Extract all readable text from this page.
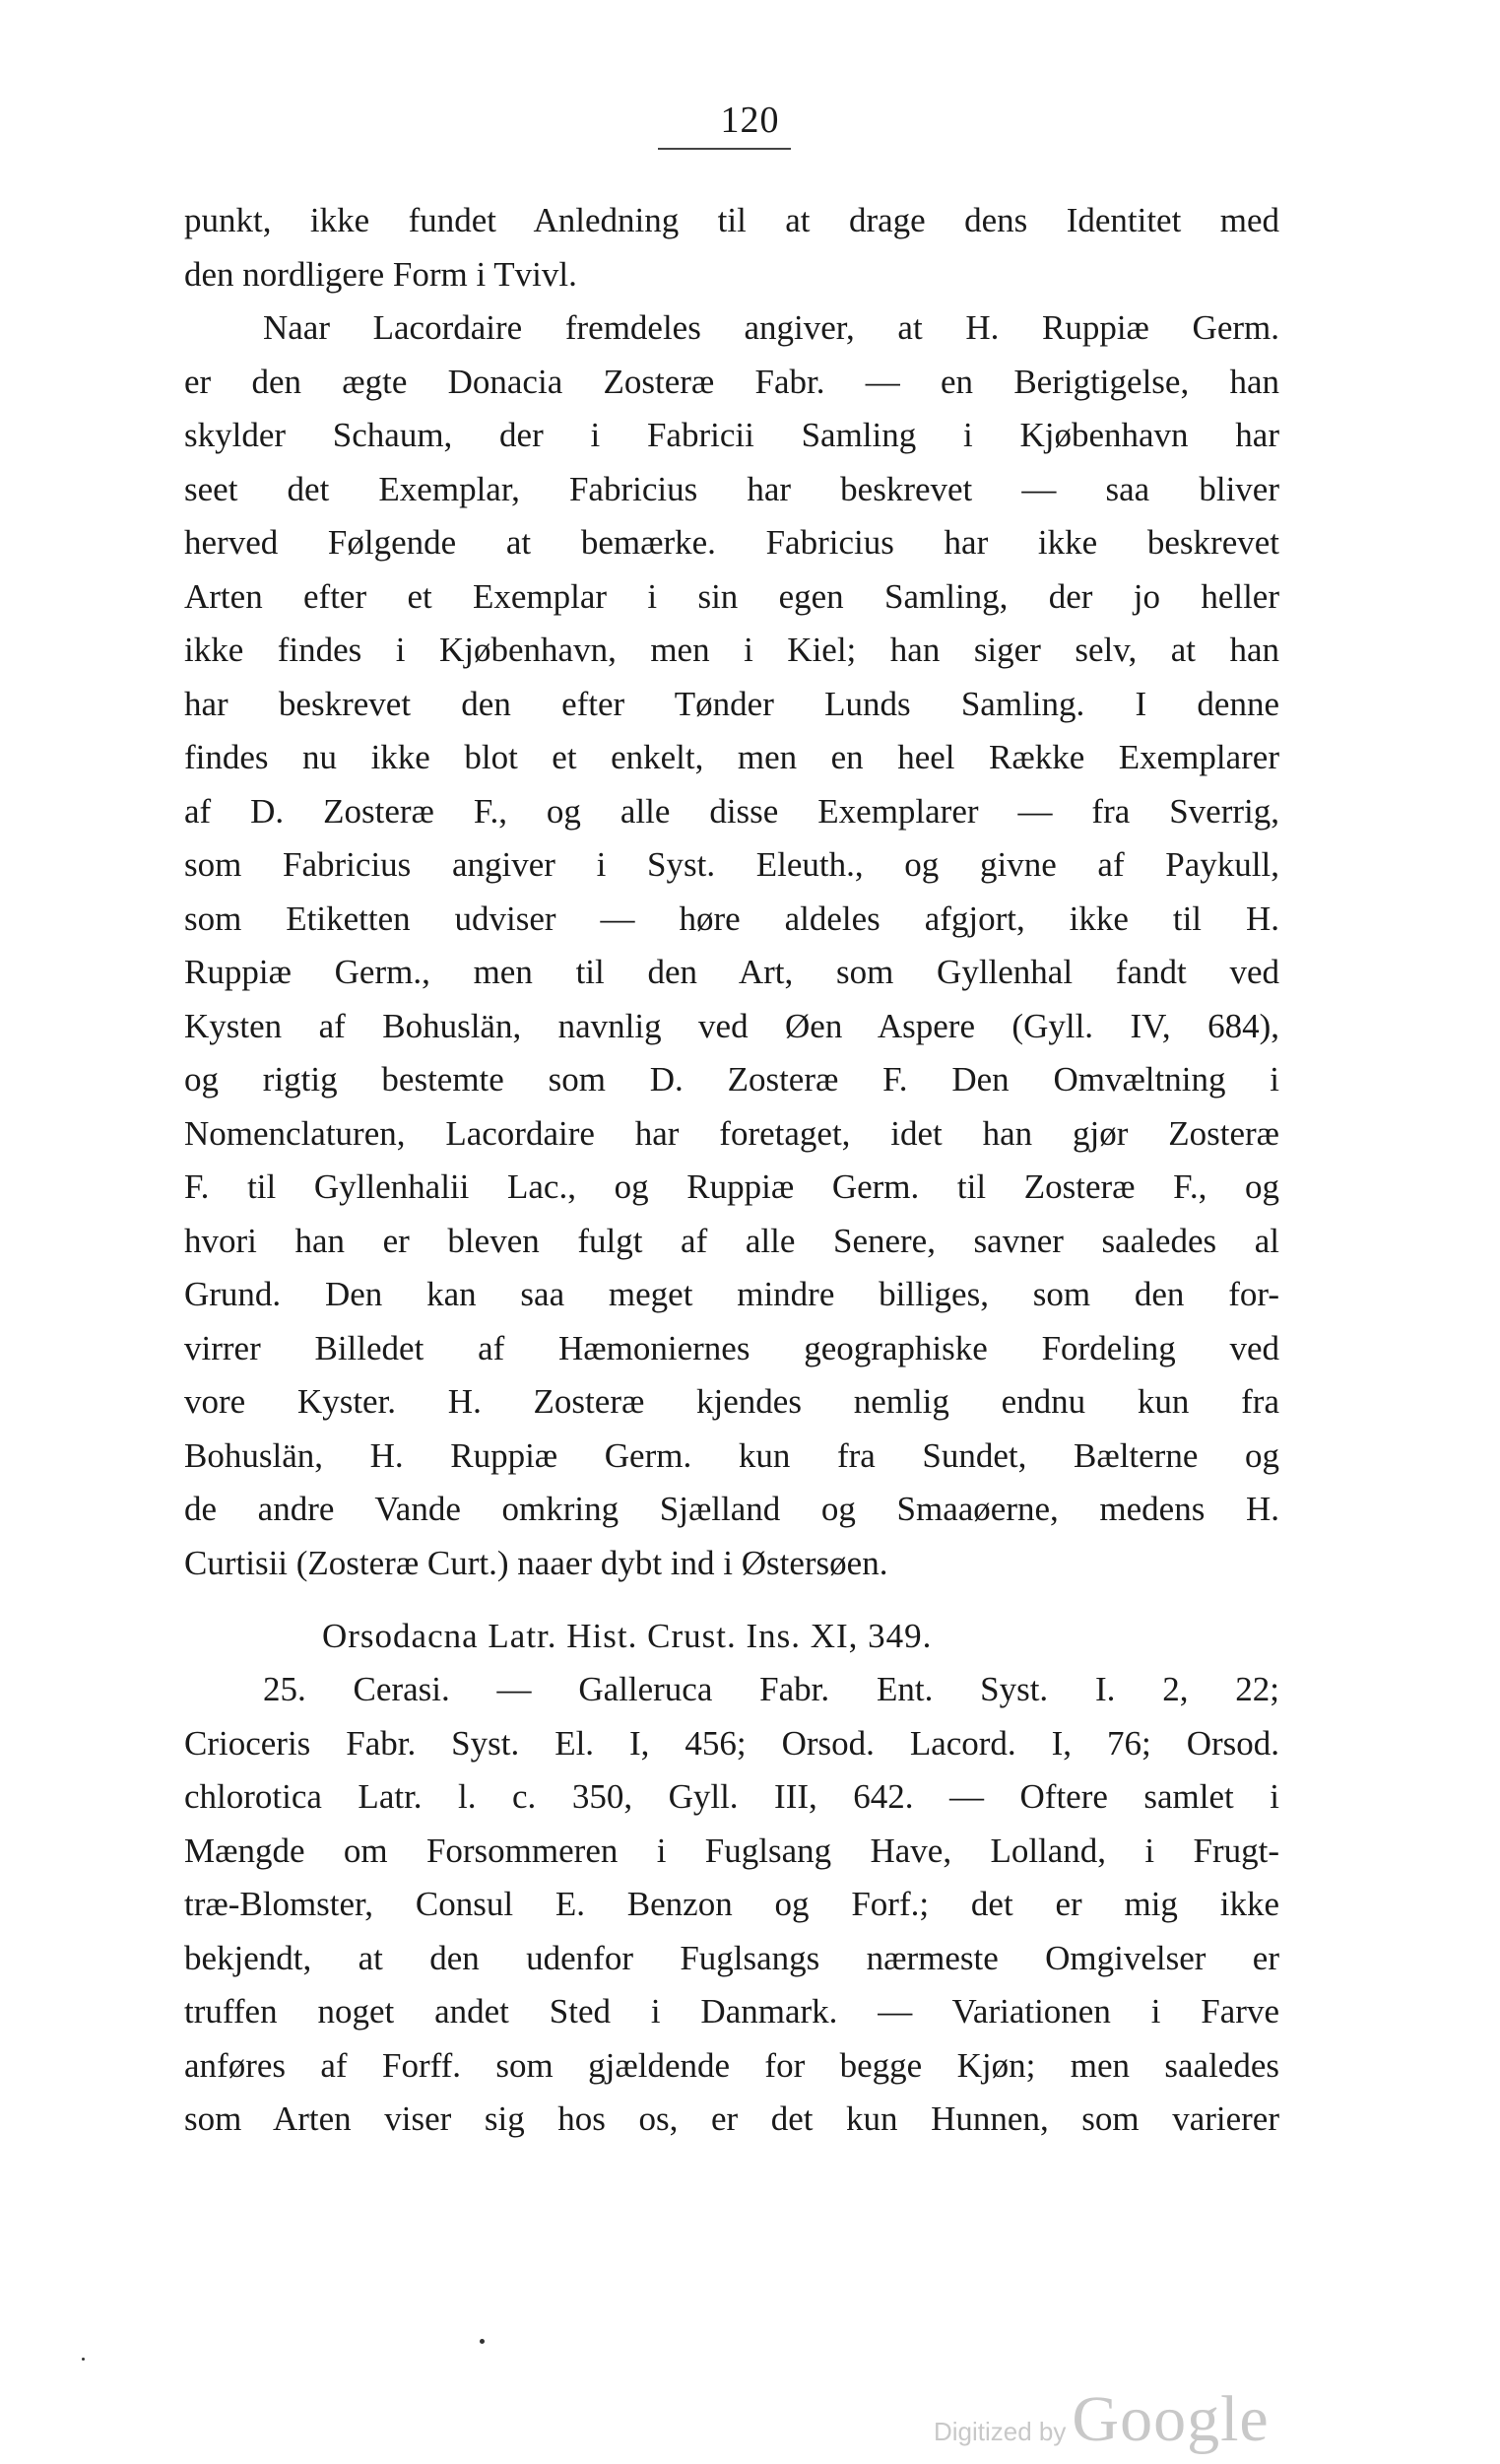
120
punkt, ikke fundet Anledning til at drage dens Identitet med
den nordligere Form i Tvivl.
Naar Lacordaire fremdeles angiver, at H. Ruppiæ Germ.
er den ægte Donacia Zosteræ Fabr. — en Berigtigelse, han
skylder Schaum, der i Fabricii Samling i Kjøbenhavn har
seet det Exemplar, Fabricius har beskrevet — saa bliver
herved Følgende at bemærke. Fabricius har ikke beskrevet
Arten efter et Exemplar i sin egen Samling, der jo heller
ikke findes i Kjøbenhavn, men i Kiel; han siger selv, at han
har beskrevet den efter Tønder Lunds Samling. I denne
findes nu ikke blot et enkelt, men en heel Række Exemplarer
af D. Zosteræ F., og alle disse Exemplarer — fra Sverrig,
som Fabricius angiver i Syst. Eleuth., og givne af Paykull,
som Etiketten udviser — høre aldeles afgjort, ikke til H.
Ruppiæ Germ., men til den Art, som Gyllenhal fandt ved
Kysten af Bohuslän, navnlig ved Øen Aspere (Gyll. IV, 684),
og rigtig bestemte som D. Zosteræ F. Den Omvæltning i
Nomenclaturen, Lacordaire har foretaget, idet han gjør Zosteræ
F. til Gyllenhalii Lac., og Ruppiæ Germ. til Zosteræ F., og
hvori han er bleven fulgt af alle Senere, savner saaledes al
Grund. Den kan saa meget mindre billiges, som den for-
virrer Billedet af Hæmoniernes geographiske Fordeling ved
vore Kyster. H. Zosteræ kjendes nemlig endnu kun fra
Bohuslän, H. Ruppiæ Germ. kun fra Sundet, Bælterne og
de andre Vande omkring Sjælland og Smaaøerne, medens H.
Curtisii (Zosteræ Curt.) naaer dybt ind i Østersøen.
Orsodacna Latr. Hist. Crust. Ins. XI, 349.
25. Cerasi. — Galleruca Fabr. Ent. Syst. I. 2, 22;
Crioceris Fabr. Syst. El. I, 456; Orsod. Lacord. I, 76; Orsod.
chlorotica Latr. l. c. 350, Gyll. III, 642. — Oftere samlet i
Mængde om Forsommeren i Fuglsang Have, Lolland, i Frugt-
træ-Blomster, Consul E. Benzon og Forf.; det er mig ikke
bekjendt, at den udenfor Fuglsangs nærmeste Omgivelser er
truffen noget andet Sted i Danmark. — Variationen i Farve
anføres af Forff. som gjældende for begge Kjøn; men saaledes
som Arten viser sig hos os, er det kun Hunnen, som varierer
Digitized by Google
